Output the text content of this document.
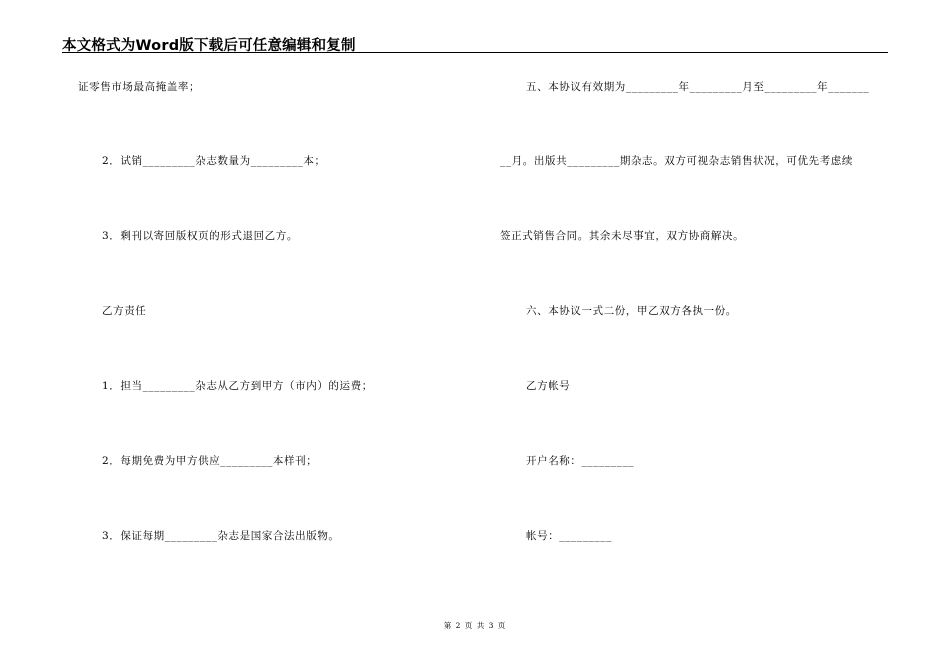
本文格式为Word版下载后可任意编辑和复制
证零售市场最高掩盖率；
2．试销_________杂志数量为_________本；
3．剩刊以寄回版权页的形式退回乙方。
乙方责任
1．担当_________杂志从乙方到甲方（市内）的运费；
2．每期免费为甲方供应_________本样刊；
3．保证每期_________杂志是国家合法出版物。
五、本协议有效期为_________年_________月至_________年_______
__月。出版共_________期杂志。双方可视杂志销售状况，可优先考虑续
签正式销售合同。其余未尽事宜，双方协商解决。
六、本协议一式二份，甲乙双方各执一份。
乙方帐号
开户名称：_________
帐号：_________
第 2 页 共 3 页
